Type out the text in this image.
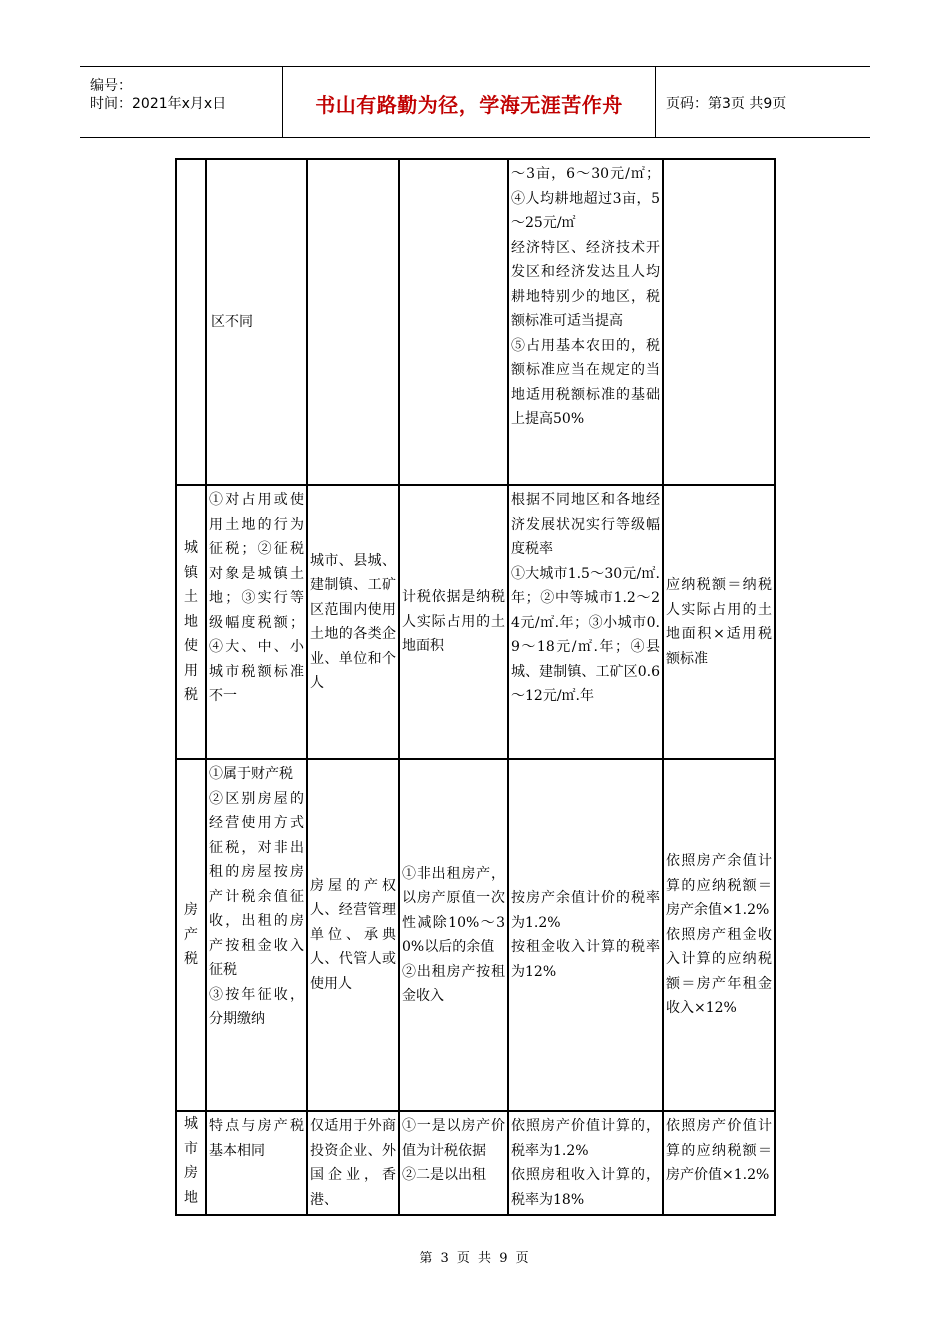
编号：
时间：2021年x月x日	书山有路勤为径，学海无涯苦作舟	页码：第3页 共9页
	区不同			～3亩，6～30元/㎡；④人均耕地超过3亩，5～25元/㎡
经济特区、经济技术开发区和经济发达且人均耕地特别少的地区，税额标准可适当提高
⑤占用基本农田的，税额标准应当在规定的当地适用税额标准的基础上提高50%	
城镇土地使用税	①对占用或使用土地的行为征税；②征税对象是城镇土地；③实行等级幅度税额；④大、中、小城市税额标准不一	城市、县城、建制镇、工矿区范围内使用土地的各类企业、单位和个人	计税依据是纳税人实际占用的土地面积	根据不同地区和各地经济发展状况实行等级幅度税率
①大城市1.5～30元/㎡.年；②中等城市1.2～24元/㎡.年；③小城市0.9～18元/㎡.年；④县城、建制镇、工矿区0.6～12元/㎡.年	应纳税额＝纳税人实际占用的土地面积×适用税额标准
房产税	①属于财产税
②区别房屋的经营使用方式征税，对非出租的房屋按房产计税余值征收，出租的房产按租金收入征税
③按年征收，分期缴纳	房屋的产权人、经营管理单位、承典人、代管人或使用人	①非出租房产，以房产原值一次性减除10%～30%以后的余值
②出租房产按租金收入	按房产余值计价的税率为1.2%
按租金收入计算的税率为12%	依照房产余值计算的应纳税额＝房产余值×1.2%
依照房产租金收入计算的应纳税额＝房产年租金收入×12%
城市房地	特点与房产税基本相同	仅适用于外商投资企业、外国企业，香港、	①一是以房产价值为计税依据
②二是以出租	依照房产价值计算的，税率为1.2%
依照房租收入计算的，税率为18%	依照房产价值计算的应纳税额＝房产价值×1.2%
第 3 页 共 9 页
